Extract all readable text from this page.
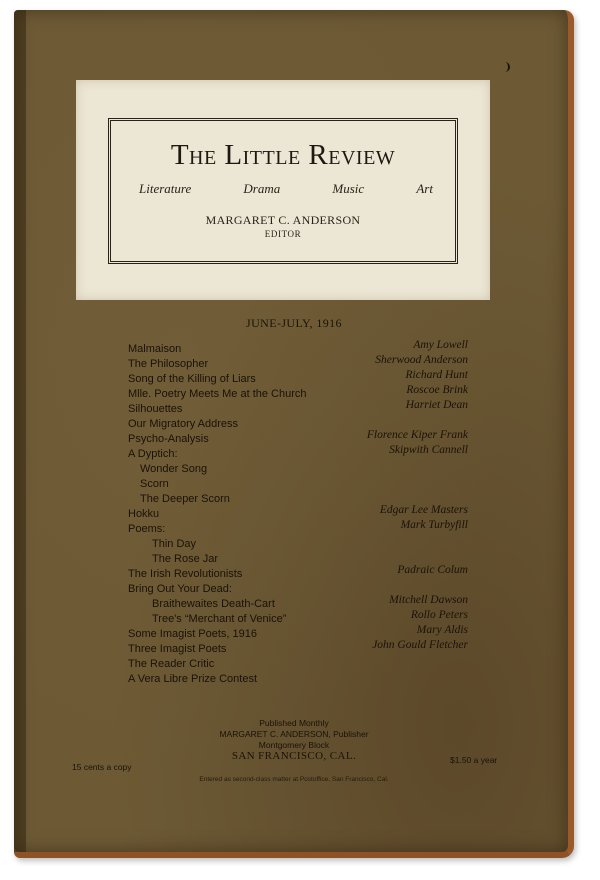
The Little Review
Literature	Drama	Music	Art
MARGARET C. ANDERSON
EDITOR
JUNE-JULY, 1916
Malmaison	Amy Lowell
The Philosopher	Sherwood Anderson
Song of the Killing of Liars	Richard Hunt
Mlle. Poetry Meets Me at the Church	Roscoe Brink
Silhouettes	Harriet Dean
Our Migratory Address
Psycho-Analysis	Florence Kiper Frank
A Dyptich:	Skipwith Cannell
Wonder Song
Scorn
The Deeper Scorn
Hokku	Edgar Lee Masters
Poems:	Mark Turbyfill
Thin Day
The Rose Jar
The Irish Revolutionists	Padraic Colum
Bring Out Your Dead:
Braithewaites Death-Cart	Mitchell Dawson
Tree's “Merchant of Venice”	Rollo Peters
Some Imagist Poets, 1916	Mary Aldis
Three Imagist Poets	John Gould Fletcher
The Reader Critic
A Vera Libre Prize Contest
Published Monthly
MARGARET C. ANDERSON, Publisher
Montgomery Block
SAN FRANCISCO, CAL.
15 cents a copy
$1.50 a year
Entered as second-class matter at Postoffice, San Francisco, Cal.
